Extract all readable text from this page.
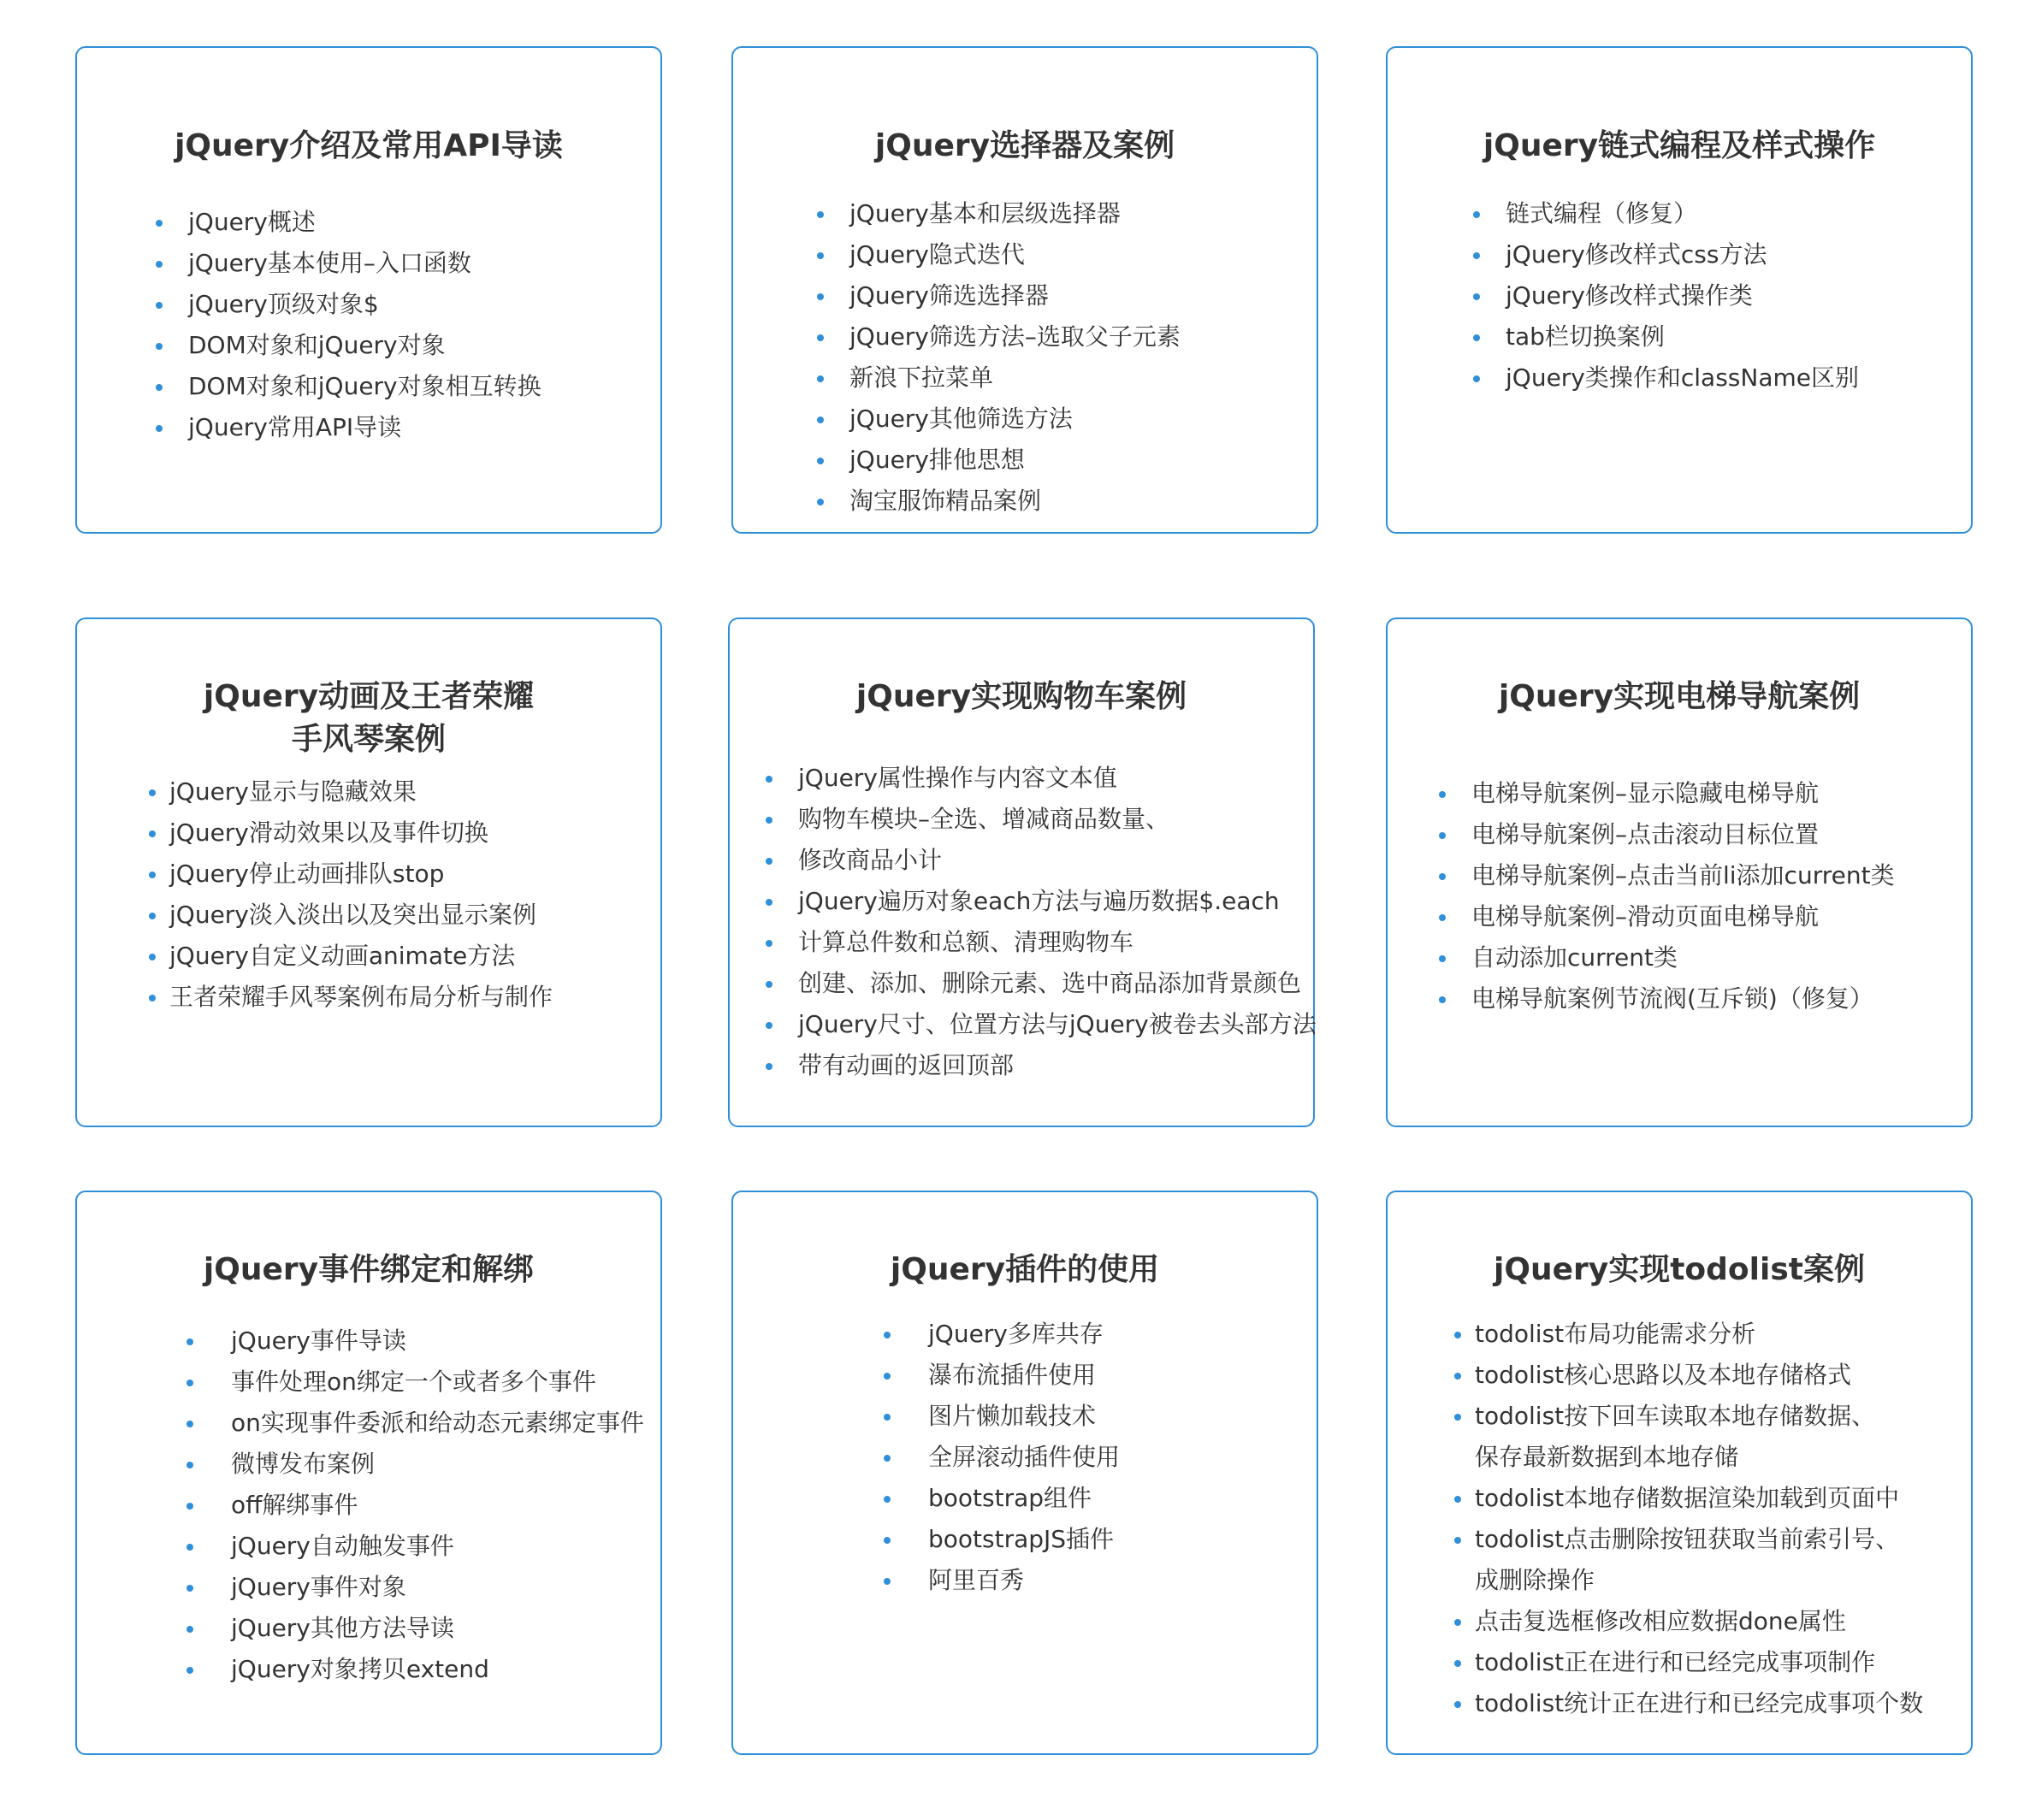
jQuery介绍及常用API导读
jQuery概述
jQuery基本使用–入口函数
jQuery顶级对象$
DOM对象和jQuery对象
DOM对象和jQuery对象相互转换
jQuery常用API导读
jQuery选择器及案例
jQuery基本和层级选择器
jQuery隐式迭代
jQuery筛选选择器
jQuery筛选方法–选取父子元素
新浪下拉菜单
jQuery其他筛选方法
jQuery排他思想
淘宝服饰精品案例
jQuery链式编程及样式操作
链式编程（修复）
jQuery修改样式css方法
jQuery修改样式操作类
tab栏切换案例
jQuery类操作和className区别
jQuery动画及王者荣耀
手风琴案例
jQuery显示与隐藏效果
jQuery滑动效果以及事件切换
jQuery停止动画排队stop
jQuery淡入淡出以及突出显示案例
jQuery自定义动画animate方法
王者荣耀手风琴案例布局分析与制作
jQuery实现购物车案例
jQuery属性操作与内容文本值
购物车模块–全选、增减商品数量、
修改商品小计
jQuery遍历对象each方法与遍历数据$.each
计算总件数和总额、清理购物车
创建、添加、删除元素、选中商品添加背景颜色
jQuery尺寸、位置方法与jQuery被卷去头部方法
带有动画的返回顶部
jQuery实现电梯导航案例
电梯导航案例–显示隐藏电梯导航
电梯导航案例–点击滚动目标位置
电梯导航案例–点击当前li添加current类
电梯导航案例–滑动页面电梯导航
自动添加current类
电梯导航案例节流阀(互斥锁)（修复）
jQuery事件绑定和解绑
jQuery事件导读
事件处理on绑定一个或者多个事件
on实现事件委派和给动态元素绑定事件
微博发布案例
off解绑事件
jQuery自动触发事件
jQuery事件对象
jQuery其他方法导读
jQuery对象拷贝extend
jQuery插件的使用
jQuery多库共存
瀑布流插件使用
图片懒加载技术
全屏滚动插件使用
bootstrap组件
bootstrapJS插件
阿里百秀
jQuery实现todolist案例
todolist布局功能需求分析
todolist核心思路以及本地存储格式
todolist按下回车读取本地存储数据、
保存最新数据到本地存储
todolist本地存储数据渲染加载到页面中
todolist点击删除按钮获取当前索引号、
成删除操作
点击复选框修改相应数据done属性
todolist正在进行和已经完成事项制作
todolist统计正在进行和已经完成事项个数
